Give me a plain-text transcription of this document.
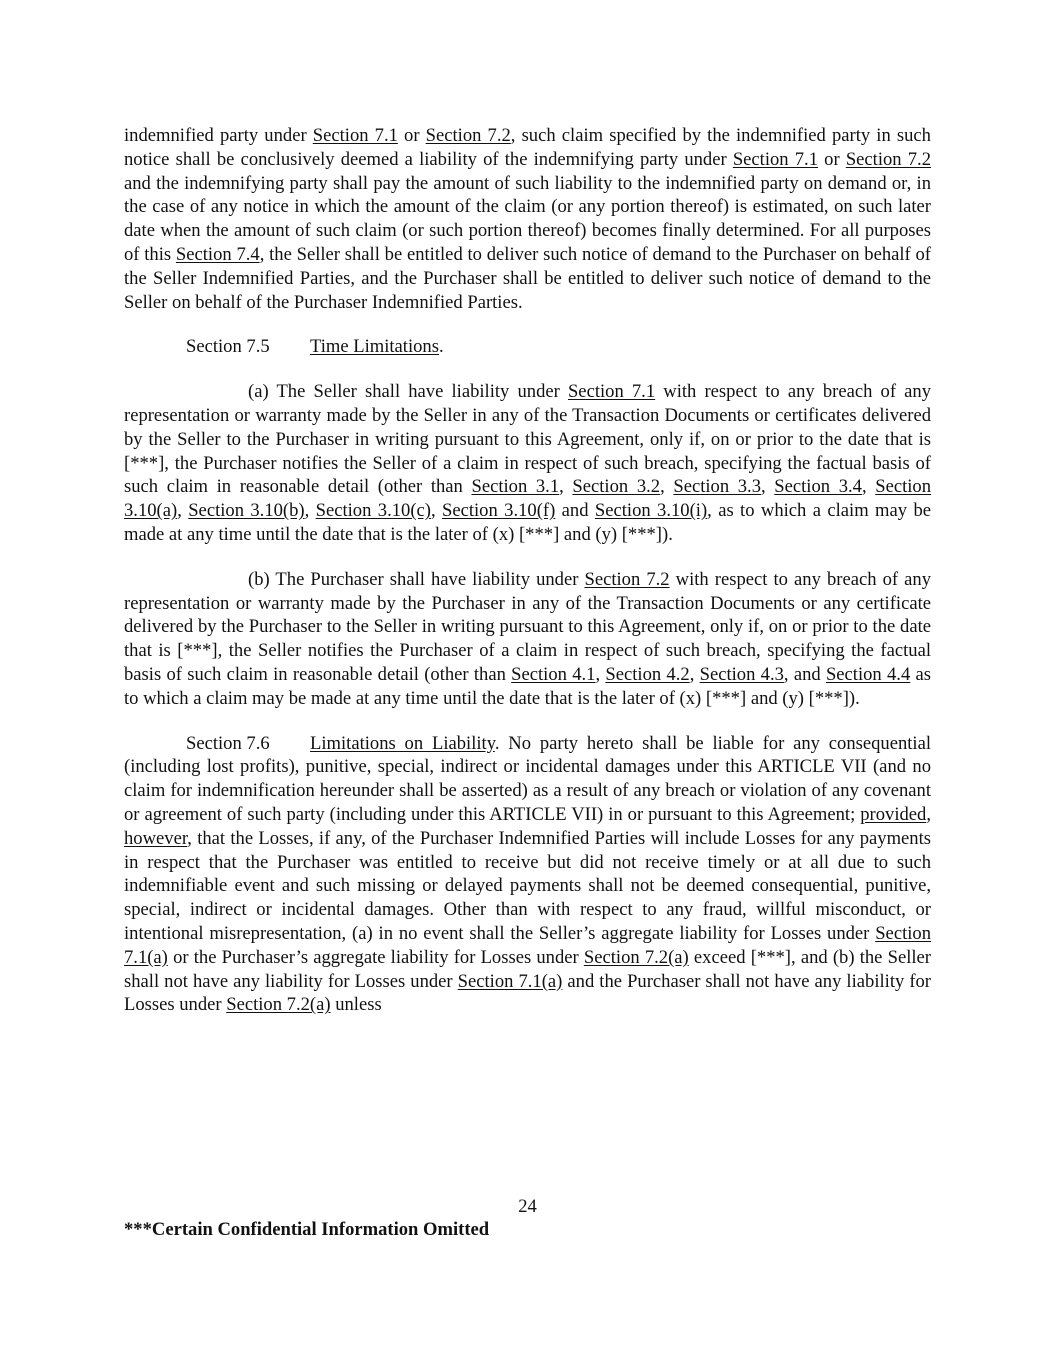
indemnified party under Section 7.1 or Section 7.2, such claim specified by the indemnified party in such notice shall be conclusively deemed a liability of the indemnifying party under Section 7.1 or Section 7.2 and the indemnifying party shall pay the amount of such liability to the indemnified party on demand or, in the case of any notice in which the amount of the claim (or any portion thereof) is estimated, on such later date when the amount of such claim (or such portion thereof) becomes finally determined. For all purposes of this Section 7.4, the Seller shall be entitled to deliver such notice of demand to the Purchaser on behalf of the Seller Indemnified Parties, and the Purchaser shall be entitled to deliver such notice of demand to the Seller on behalf of the Purchaser Indemnified Parties.

Section 7.5 Time Limitations.

(a) The Seller shall have liability under Section 7.1 with respect to any breach of any representation or warranty made by the Seller in any of the Transaction Documents or certificates delivered by the Seller to the Purchaser in writing pursuant to this Agreement, only if, on or prior to the date that is [***], the Purchaser notifies the Seller of a claim in respect of such breach, specifying the factual basis of such claim in reasonable detail (other than Section 3.1, Section 3.2, Section 3.3, Section 3.4, Section 3.10(a), Section 3.10(b), Section 3.10(c), Section 3.10(f) and Section 3.10(i), as to which a claim may be made at any time until the date that is the later of (x) [***] and (y) [***]).

(b) The Purchaser shall have liability under Section 7.2 with respect to any breach of any representation or warranty made by the Purchaser in any of the Transaction Documents or any certificate delivered by the Purchaser to the Seller in writing pursuant to this Agreement, only if, on or prior to the date that is [***], the Seller notifies the Purchaser of a claim in respect of such breach, specifying the factual basis of such claim in reasonable detail (other than Section 4.1, Section 4.2, Section 4.3, and Section 4.4 as to which a claim may be made at any time until the date that is the later of (x) [***] and (y) [***]).

Section 7.6 Limitations on Liability. No party hereto shall be liable for any consequential (including lost profits), punitive, special, indirect or incidental damages under this ARTICLE VII (and no claim for indemnification hereunder shall be asserted) as a result of any breach or violation of any covenant or agreement of such party (including under this ARTICLE VII) in or pursuant to this Agreement; provided, however, that the Losses, if any, of the Purchaser Indemnified Parties will include Losses for any payments in respect that the Purchaser was entitled to receive but did not receive timely or at all due to such indemnifiable event and such missing or delayed payments shall not be deemed consequential, punitive, special, indirect or incidental damages. Other than with respect to any fraud, willful misconduct, or intentional misrepresentation, (a) in no event shall the Seller’s aggregate liability for Losses under Section 7.1(a) or the Purchaser’s aggregate liability for Losses under Section 7.2(a) exceed [***], and (b) the Seller shall not have any liability for Losses under Section 7.1(a) and the Purchaser shall not have any liability for Losses under Section 7.2(a) unless

24
***Certain Confidential Information Omitted
